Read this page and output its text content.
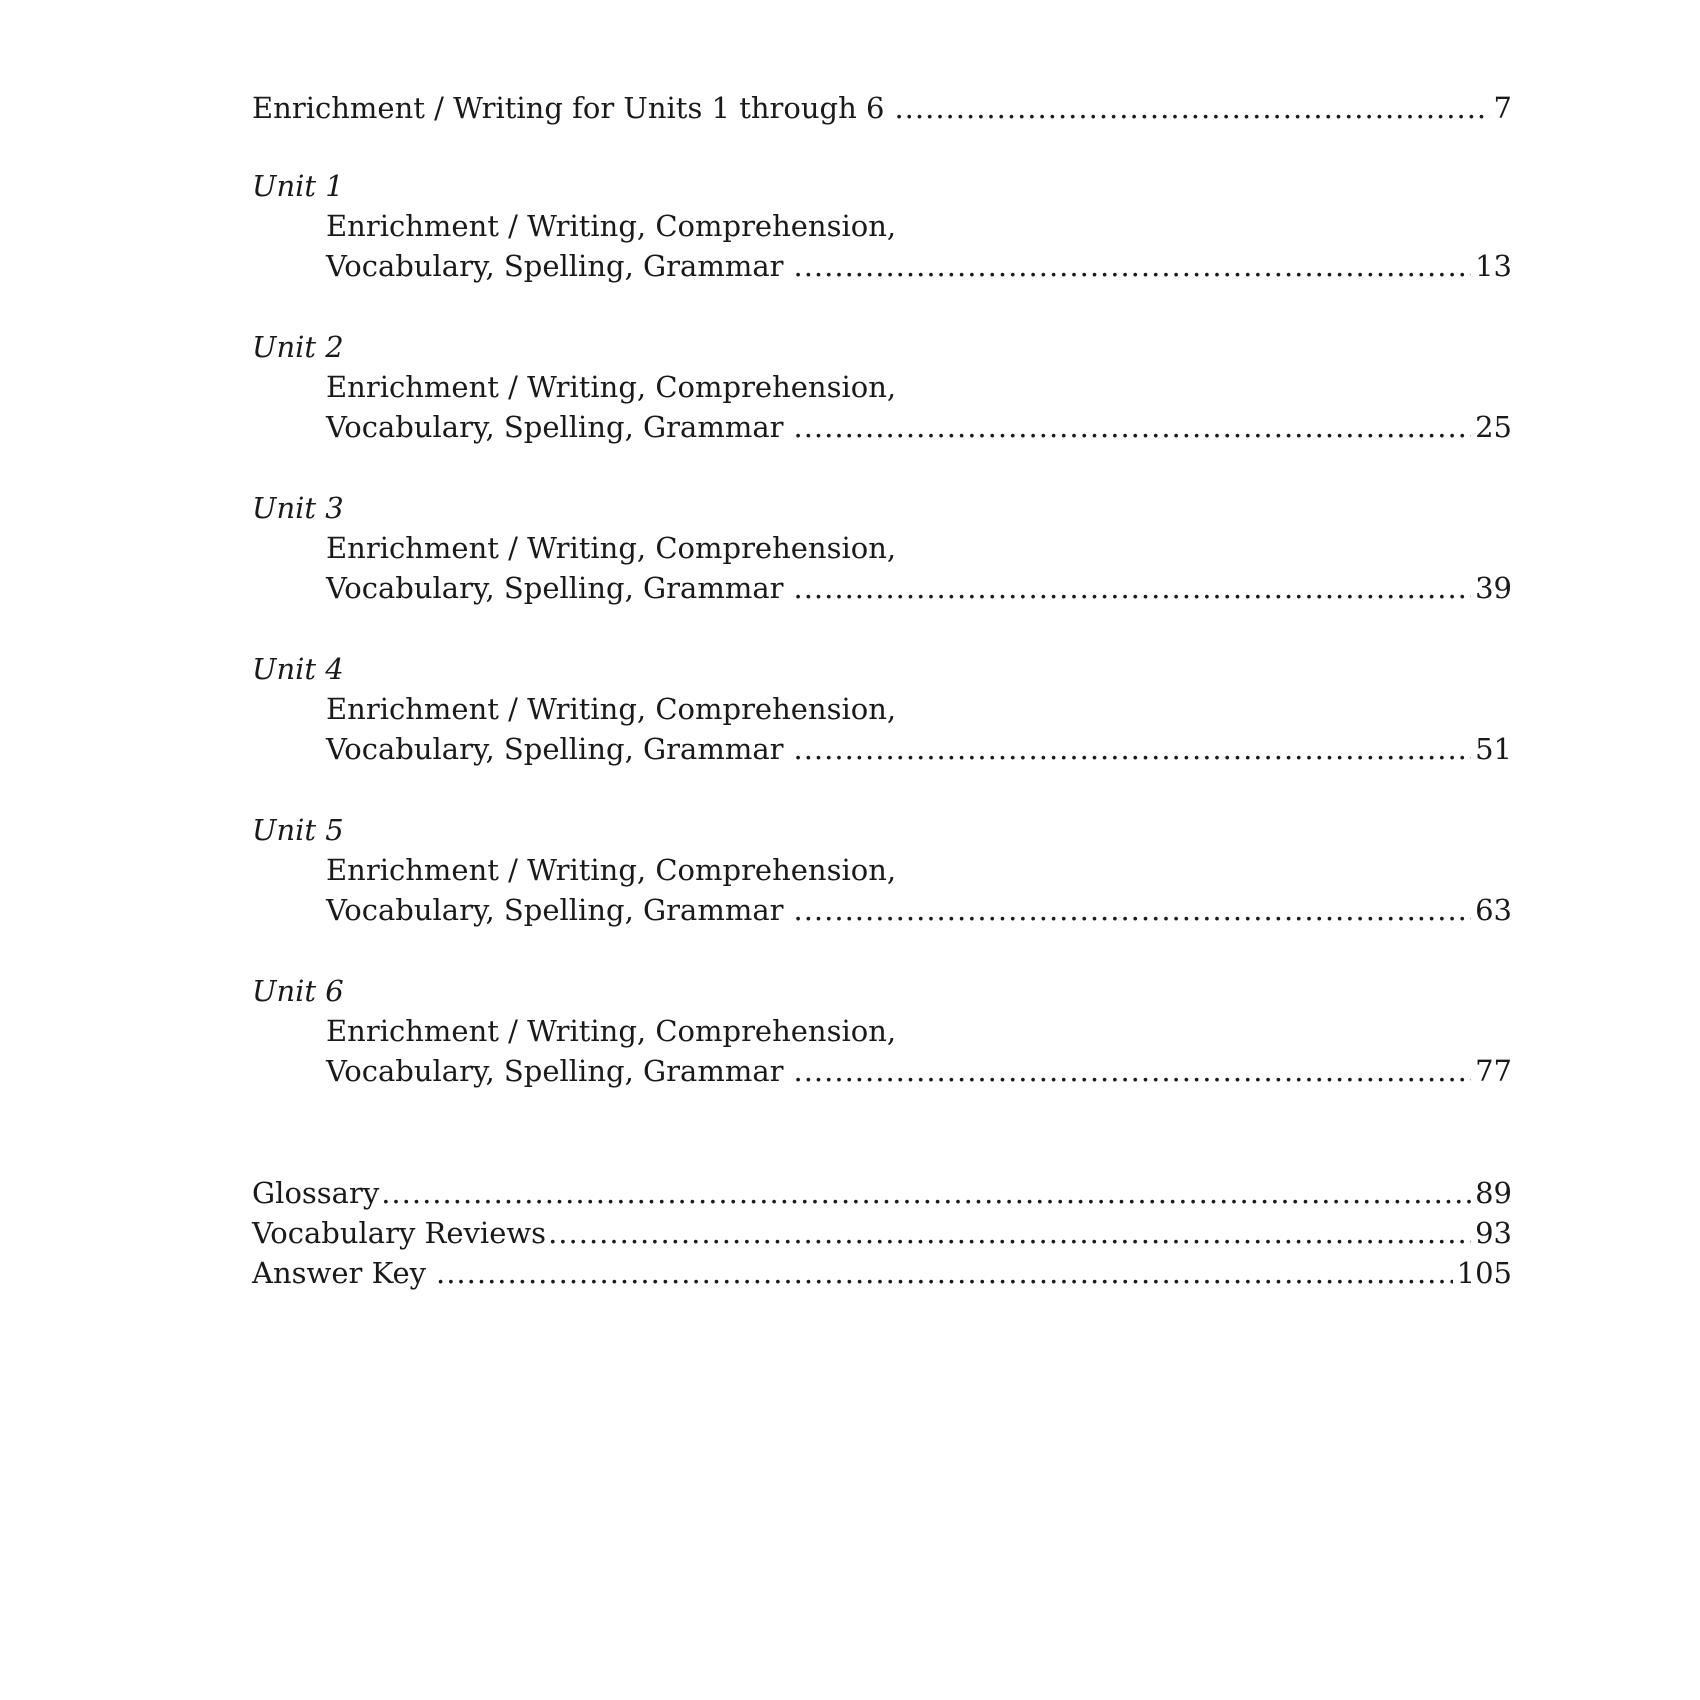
Enrichment / Writing for Units 1 through 6 .....	7
Unit 1
Enrichment / Writing, Comprehension,
Vocabulary, Spelling, Grammar .....	13
Unit 2
Enrichment / Writing, Comprehension,
Vocabulary, Spelling, Grammar .....	25
Unit 3
Enrichment / Writing, Comprehension,
Vocabulary, Spelling, Grammar .....	39
Unit 4
Enrichment / Writing, Comprehension,
Vocabulary, Spelling, Grammar .....	51
Unit 5
Enrichment / Writing, Comprehension,
Vocabulary, Spelling, Grammar .....	63
Unit 6
Enrichment / Writing, Comprehension,
Vocabulary, Spelling, Grammar .....	77
Glossary .....	89
Vocabulary Reviews .....	93
Answer Key .....	105
